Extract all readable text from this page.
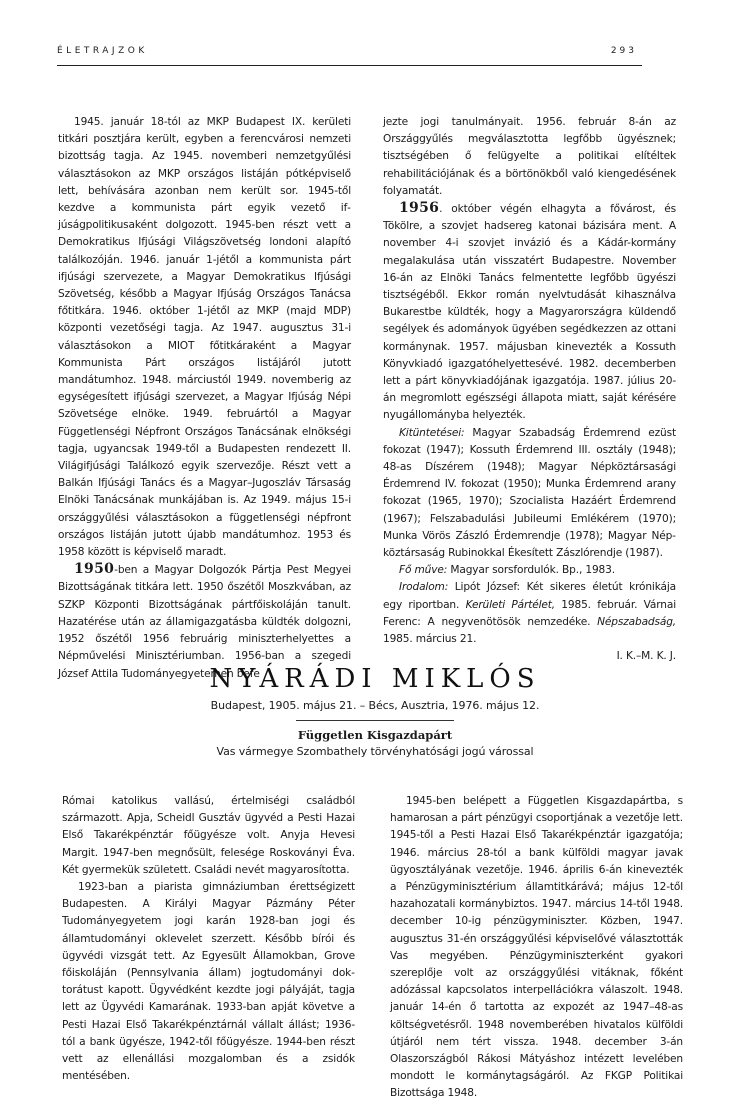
ÉLETRAJZOK	293

1945. január 18-tól az MKP Budapest IX. kerületi titkári posztjára került, egyben a ferencvárosi nemzeti bizottság tagja. Az 1945. novemberi nemzetgyűlési választásokon az MKP országos listáján pótképviselő lett, behívására azonban nem került sor. 1945-től kezdve a kommunista párt egyik vezető ifjúságpolitikusaként dolgozott. 1945-ben részt vett a Demokratikus Ifjúsági Világszövetség londoni alapító találkozóján. 1946. január 1-jétől a kommunista párt ifjúsági szervezete, a Magyar Demokratikus Ifjúsági Szövetség, később a Magyar Ifjúság Országos Tanácsa főtitkára. 1946. október 1-jétől az MKP (majd MDP) központi vezetőségi tagja. Az 1947. augusztus 31-i választásokon a MIOT főtitkáraként a Magyar Kommunista Párt országos listájáról jutott mandátumhoz. 1948. márciustól 1949. novemberig az egységesített ifjúsági szervezet, a Magyar Ifjúság Népi Szövetsége elnöke. 1949. februártól a Magyar Függetlenségi Népfront Országos Tanácsának elnökségi tagja, ugyancsak 1949-től a Budapesten rendezett II. Világifjúsági Találkozó egyik szervezője. Részt vett a Balkán Ifjúsági Tanács és a Magyar–Jugoszláv Társaság Elnöki Tanácsának munkájában is. Az 1949. május 15-i országgyűlési választásokon a függetlenségi népfront országos listáján jutott újabb mandátumhoz. 1953 és 1958 között is képviselő maradt.

1950-ben a Magyar Dolgozók Pártja Pest Megyei Bizottságának titkára lett. 1950 őszétől Moszkvában, az SZKP Központi Bizottságának pártfőiskoláján tanult. Hazatérése után az államigazgatásba küldték dolgozni, 1952 őszétől 1956 februárig miniszterhelyettes a Népművelési Minisztériumban. 1956-ban a szegedi József Attila Tudományegyetemen befe

jezte jogi tanulmányait. 1956. február 8-án az Országgyűlés megválasztotta legfőbb ügyésznek; tisztségében ő felügyelte a politikai elítéltek rehabilitációjának és a börtönökből való kiengedésének folyamatát.

1956. október végén elhagyta a fővárost, és Tökölre, a szovjet hadsereg katonai bázisára ment. A november 4-i szovjet invázió és a Kádár-kormány megalakulása után visszatért Budapestre. November 16-án az Elnöki Tanács felmentette legfőbb ügyészi tisztségéből. Ekkor román nyelvtudását kihasználva Bukarestbe küldték, hogy a Magyarországra küldendő segélyek és adományok ügyében segédkezzen az ottani kormánynak. 1957. májusban kinevezték a Kossuth Könyvkiadó igazgatóhelyettesévé. 1982. decemberben lett a párt könyvkiadójának igazgatója. 1987. július 20-án megromlott egészségi állapota miatt, saját kérésére nyugállományba helyezték.

Kitüntetései: Magyar Szabadság Érdemrend ezüst fokozat (1947); Kossuth Érdemrend III. osztály (1948); 48-as Díszérem (1948); Magyar Népköztársasági Érdemrend IV. fokozat (1950); Munka Érdemrend arany fokozat (1965, 1970); Szocialista Hazáért Érdemrend (1967); Felszabadulási Jubileumi Emlékérem (1970); Munka Vörös Zászló Érdemrendje (1978); Magyar Népköztársaság Rubinokkal Ékesített Zászlórendje (1987).

Fő műve: Magyar sorsfordulók. Bp., 1983.

Irodalom: Lipót József: Két sikeres életút krónikája egy riportban. Kerületi Pártélet, 1985. február. Várnai Ferenc: A negyvenötösök nemzedéke. Népszabadság, 1985. március 21.

I. K.–M. K. J.

NYÁRÁDI MIKLÓS
Budapest, 1905. május 21. – Bécs, Ausztria, 1976. május 12.
Független Kisgazdapárt
Vas vármegye Szombathely törvényhatósági jogú várossal

Római katolikus vallású, értelmiségi családból származott. Apja, Scheidl Gusztáv ügyvéd a Pesti Hazai Első Takarékpénztár főügyésze volt. Anyja Hevesi Margit. 1947-ben megnősült, felesége Roskoványi Éva. Két gyermekük született. Családi nevét magyarosította.

1923-ban a piarista gimnáziumban érettségizett Budapesten. A Királyi Magyar Pázmány Péter Tudományegyetem jogi karán 1928-ban jogi és államtudományi oklevelet szerzett. Később bírói és ügyvédi vizsgát tett. Az Egyesült Államokban, Grove főiskoláján (Pennsylvania állam) jogtudományi doktorátust kapott. Ügyvédként kezdte jogi pályáját, tagja lett az Ügyvédi Kamarának. 1933-ban apját követve a Pesti Hazai Első Takarékpénztárnál vállalt állást; 1936-tól a bank ügyésze, 1942-től főügyésze. 1944-ben részt vett az ellenállási mozgalomban és a zsidók mentésében.

1945-ben belépett a Független Kisgazdapártba, s hamarosan a párt pénzügyi csoportjának a vezetője lett. 1945-től a Pesti Hazai Első Takarékpénztár igazgatója; 1946. március 28-tól a bank külföldi magyar javak ügyosztályának vezetője. 1946. április 6-án kinevezték a Pénzügyminisztérium államtitkárává; május 12-től hazahozatali kormánybiztos. 1947. március 14-től 1948. december 10-ig pénzügyminiszter. Közben, 1947. augusztus 31-én országgyűlési képviselővé választották Vas megyében. Pénzügyminiszterként gyakori szereplője volt az országgyűlési vitáknak, főként adózással kapcsolatos interpellációkra válaszolt. 1948. január 14-én ő tartotta az expozét az 1947–48-as költségvetésről. 1948 novemberében hivatalos külföldi útjáról nem tért vissza. 1948. december 3-án Olaszországból Rákosi Mátyáshoz intézett levelében mondott le kormánytagságáról. Az FKGP Politikai Bizottsága 1948.
